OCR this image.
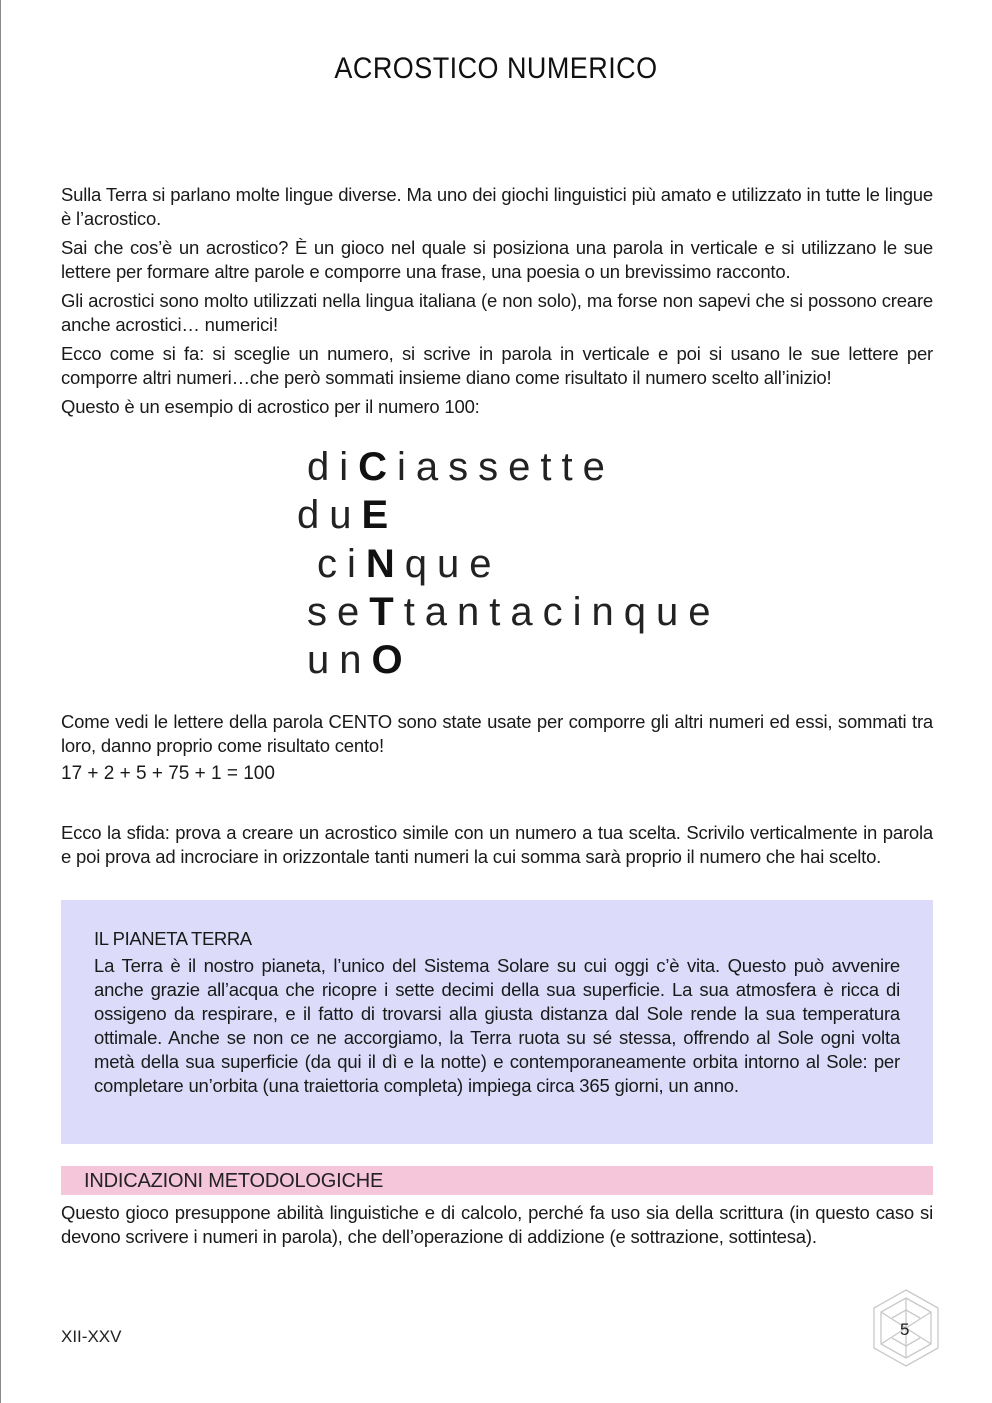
ACROSTICO NUMERICO

Sulla Terra si parlano molte lingue diverse. Ma uno dei giochi linguistici più amato e utilizzato in tutte le lingue è l’acrostico.

Sai che cos’è un acrostico? È un gioco nel quale si posiziona una parola in verticale e si utilizzano le sue lettere per formare altre parole e comporre una frase, una poesia o un brevissimo racconto.

Gli acrostici sono molto utilizzati nella lingua italiana (e non solo), ma forse non sapevi che si possono creare anche acrostici… numerici!

Ecco come si fa: si sceglie un numero, si scrive in parola in verticale e poi si usano le sue lettere per comporre altri numeri…che però sommati insieme diano come risultato il numero scelto all’inizio!

Questo è un esempio di acrostico per il numero 100:

diCiassette
duE
ciNque
seTtantacinque
unO
Come vedi le lettere della parola CENTO sono state usate per comporre gli altri numeri ed essi, sommati tra loro, danno proprio come risultato cento!
17 + 2 + 5 + 75 + 1 = 100
Ecco la sfida: prova a creare un acrostico simile con un numero a tua scelta. Scrivilo verticalmente in parola e poi prova ad incrociare in orizzontale tanti numeri la cui somma sarà proprio il numero che hai scelto.
IL PIANETA TERRA
La Terra è il nostro pianeta, l’unico del Sistema Solare su cui oggi c’è vita. Questo può avvenire anche grazie all’acqua che ricopre i sette decimi della sua superficie. La sua atmosfera è ricca di ossigeno da respirare, e il fatto di trovarsi alla giusta distanza dal Sole rende la sua temperatura ottimale. Anche se non ce ne accorgiamo, la Terra ruota su sé stessa, offrendo al Sole ogni volta metà della sua superficie (da qui il dì e la notte) e contemporaneamente orbita intorno al Sole: per completare un’orbita (una traiettoria completa) impiega circa 365 giorni, un anno.
INDICAZIONI METODOLOGICHE
Questo gioco presuppone abilità linguistiche e di calcolo, perché fa uso sia della scrittura (in questo caso si devono scrivere i numeri in parola), che dell’operazione di addizione (e sottrazione, sottintesa).
XII-XXV	5
